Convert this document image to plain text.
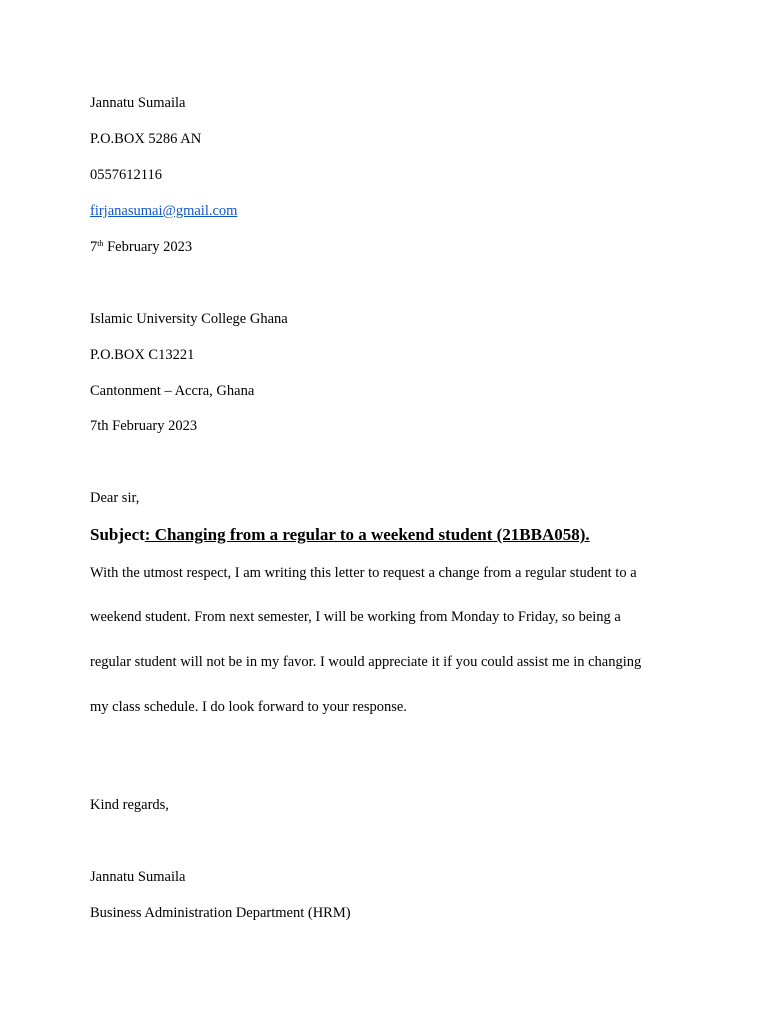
Jannatu Sumaila
P.O.BOX 5286 AN
0557612116
firjanasumai@gmail.com
7th February 2023
Islamic University College Ghana
P.O.BOX C13221
Cantonment – Accra, Ghana
7th February 2023
Dear sir,
Subject: Changing from a regular to a weekend student (21BBA058).
With the utmost respect, I am writing this letter to request a change from a regular student to a
weekend student. From next semester, I will be working from Monday to Friday, so being a
regular student will not be in my favor. I would appreciate it if you could assist me in changing
my class schedule. I do look forward to your response.
Kind regards,
Jannatu Sumaila
Business Administration Department (HRM)
